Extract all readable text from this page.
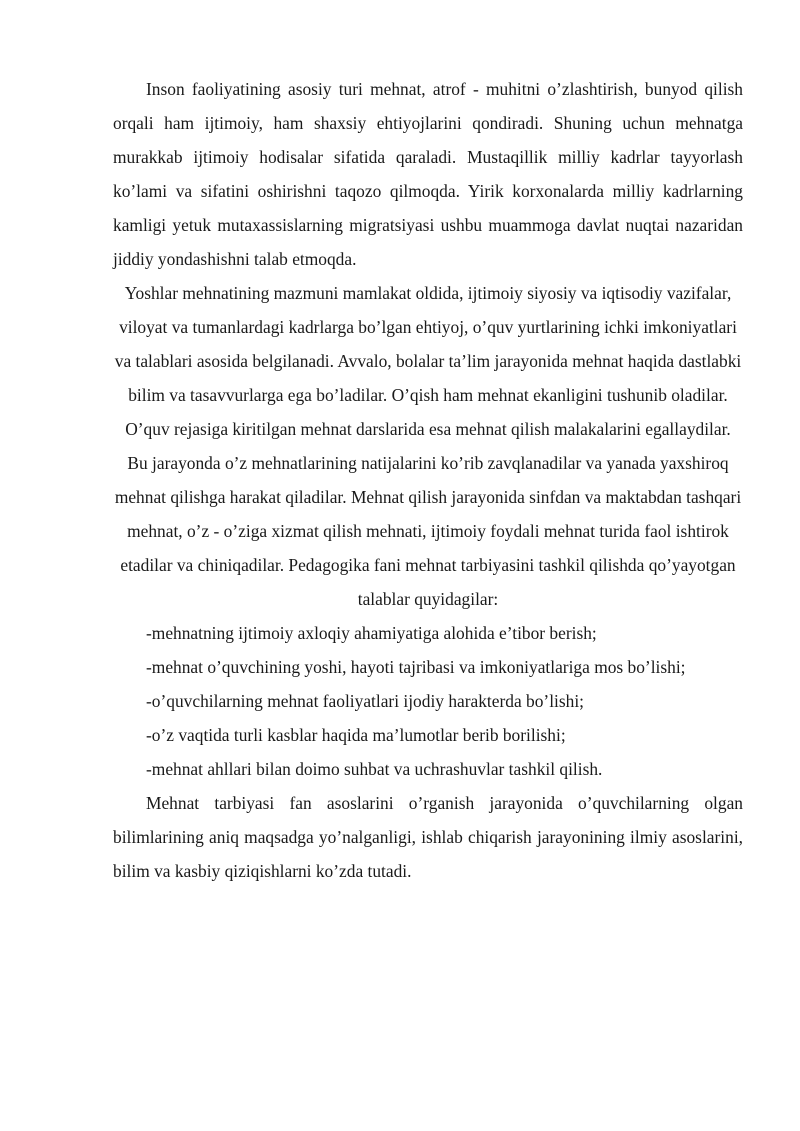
Inson faoliyatining asosiy turi mehnat, atrof - muhitni o’zlashtirish, bunyod qilish orqali ham ijtimoiy, ham shaxsiy ehtiyojlarini qondiradi. Shuning uchun mehnatga murakkab ijtimoiy hodisalar sifatida qaraladi. Mustaqillik milliy kadrlar tayyorlash ko’lami va sifatini oshirishni taqozo qilmoqda. Yirik korxonalarda milliy kadrlarning kamligi yetuk mutaxassislarning migratsiyasi ushbu muammoga davlat nuqtai nazaridan jiddiy yondashishni talab etmoqda.

Yoshlar mehnatining mazmuni mamlakat oldida, ijtimoiy siyosiy va iqtisodiy vazifalar, viloyat va tumanlardagi kadrlarga bo’lgan ehtiyoj, o’quv yurtlarining ichki imkoniyatlari va talablari asosida belgilanadi. Avvalo, bolalar ta’lim jarayonida mehnat haqida dastlabki bilim va tasavvurlarga ega bo’ladilar. O’qish ham mehnat ekanligini tushunib oladilar. O’quv rejasiga kiritilgan mehnat darslarida esa mehnat qilish malakalarini egallaydilar. Bu jarayonda o’z mehnatlarining natijalarini ko’rib zavqlanadilar va yanada yaxshiroq mehnat qilishga harakat qiladilar. Mehnat qilish jarayonida sinfdan va maktabdan tashqari mehnat, o’z - o’ziga xizmat qilish mehnati, ijtimoiy foydali mehnat turida faol ishtirok etadilar va chiniqadilar. Pedagogika fani mehnat tarbiyasini tashkil qilishda qo’yayotgan talablar quyidagilar:

-mehnatning ijtimoiy axloqiy ahamiyatiga alohida e’tibor berish;
-mehnat o’quvchining yoshi, hayoti tajribasi va imkoniyatlariga mos bo’lishi;
-o’quvchilarning mehnat faoliyatlari ijodiy harakterda bo’lishi;
-o’z vaqtida turli kasblar haqida ma’lumotlar berib borilishi;
-mehnat ahllari bilan doimo suhbat va uchrashuvlar tashkil qilish.

Mehnat tarbiyasi fan asoslarini o’rganish jarayonida o’quvchilarning olgan bilimlarining aniq maqsadga yo’nalganligi, ishlab chiqarish jarayonining ilmiy asoslarini, bilim va kasbiy qiziqishlarni ko’zda tutadi.
